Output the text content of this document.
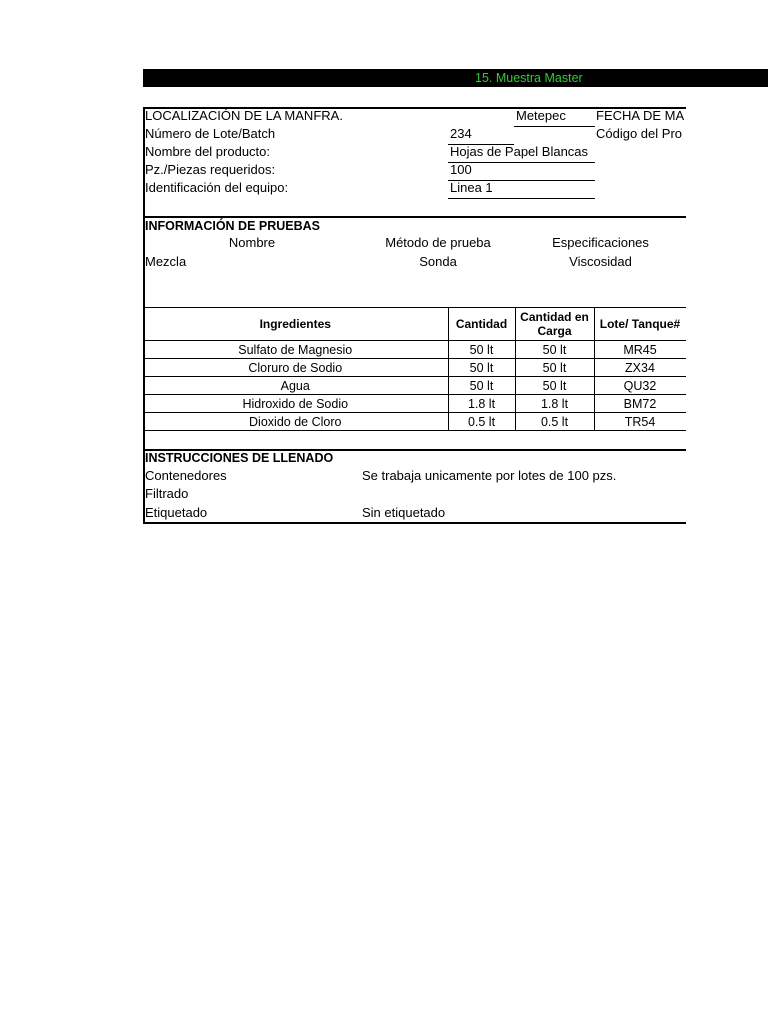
15. Muestra Master
LOCALIZACIÓN DE LA MANFRA.	Metepec FECHA DE MA
Número de Lote/Batch	234	Código del Pro
Nombre del producto:	Hojas de Papel Blancas
Pz./Piezas requeridos:	100
Identificación del equipo:	Linea 1
INFORMACIÓN DE PRUEBAS
Nombre	Método de prueba	Especificaciones
Mezcla	Sonda	Viscosidad
Ingredientes	Cantidad	Cantidad en Carga	Lote/ Tanque#
Sulfato de Magnesio	50 lt	50 lt	MR45
Cloruro de Sodio	50 lt	50 lt	ZX34
Agua	50 lt	50 lt	QU32
Hidroxido de Sodio	1.8 lt	1.8 lt	BM72
Dioxido de Cloro	0.5 lt	0.5 lt	TR54
INSTRUCCIONES DE LLENADO
Contenedores	Se trabaja unicamente por lotes de 100 pzs.
Filtrado
Etiquetado	Sin etiquetado
